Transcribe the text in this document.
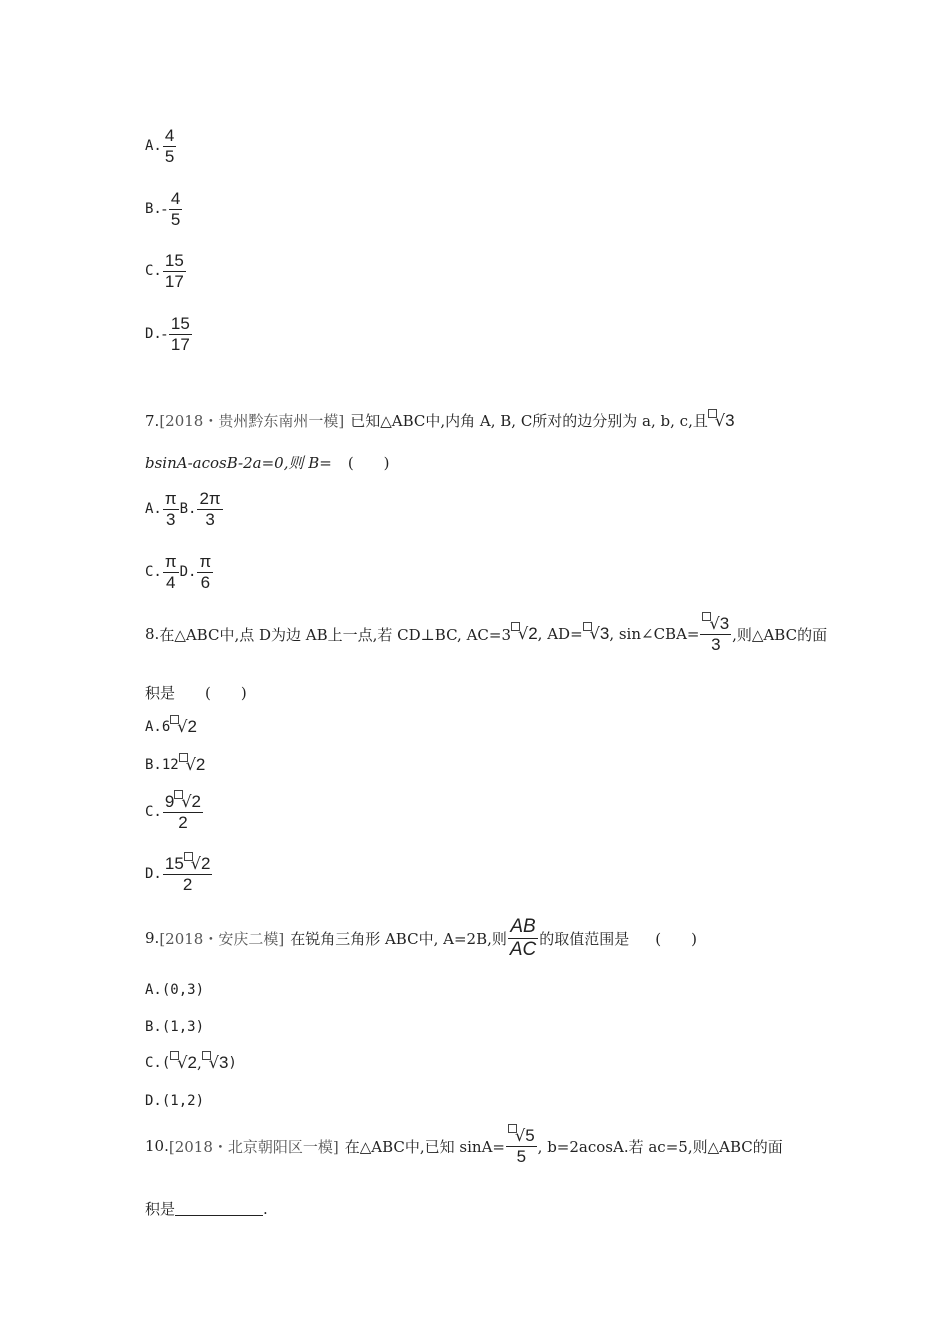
A. $\frac{4}{5}$
B. - $\frac{4}{5}$
C. $\frac{15}{17}$
D. - $\frac{15}{17}$
7. [2018・贵州黔东南州一模] 已知△ABC中,内角 A, B, C所对的边分别为 a, b, c,且 √ 3
bsinA-acosB-2a=0,则 B= (　　)
A. $\frac{\pi}{3} B$. $\frac{2\pi}{3}$
C. $\frac{\pi}{4} D$. $\frac{\pi}{6}$
8. 在△ABC中,点 D为边 AB上一点,若 CD⊥BC, AC=3 √ 2 , AD= √ 3 , sin∠CBA= $\frac{√ 3}{3}$ ,则△ABC的面
积是 (　　)
A. 6 √ 2
B. 12 √ 2
C. $\frac{9 √ 2}{2}$
D. $\frac{15 √ 2}{2}$
9. [2018・安庆二模] 在锐角三角形 ABC中, A=2B,则 $\frac{AB}{AC}$ 的取值范围是 (　　)
A. (0,3)
B. (1,3)
C. ( √ 2 , √ 3 )
D. (1,2)
10. [2018・北京朝阳区一模] 在△ABC中,已知 $\sin A= \frac{√ 5}{5}$ , b=2acosA.若 ac=5,则△ABC的面
积是	.
